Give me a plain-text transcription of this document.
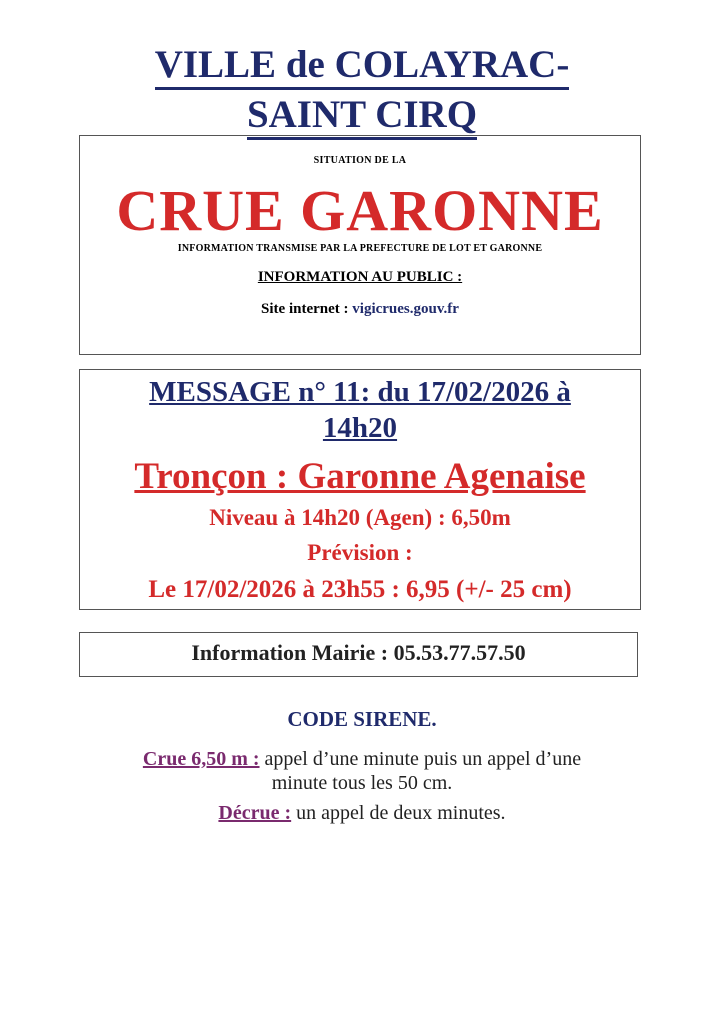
VILLE de COLAYRAC-
SAINT CIRQ
SITUATION DE LA
CRUE GARONNE
INFORMATION TRANSMISE PAR LA PREFECTURE DE LOT ET GARONNE
INFORMATION AU PUBLIC :
Site internet : vigicrues.gouv.fr
MESSAGE n° 11: du 17/02/2026 à
14h20
Tronçon : Garonne Agenaise
Niveau à 14h20 (Agen) : 6,50m
Prévision :
Le 17/02/2026 à 23h55 : 6,95 (+/- 25 cm)
Information Mairie : 05.53.77.57.50
CODE SIRENE.
Crue 6,50 m : appel d’une minute puis un appel d’une
minute tous les 50 cm.
Décrue : un appel de deux minutes.
